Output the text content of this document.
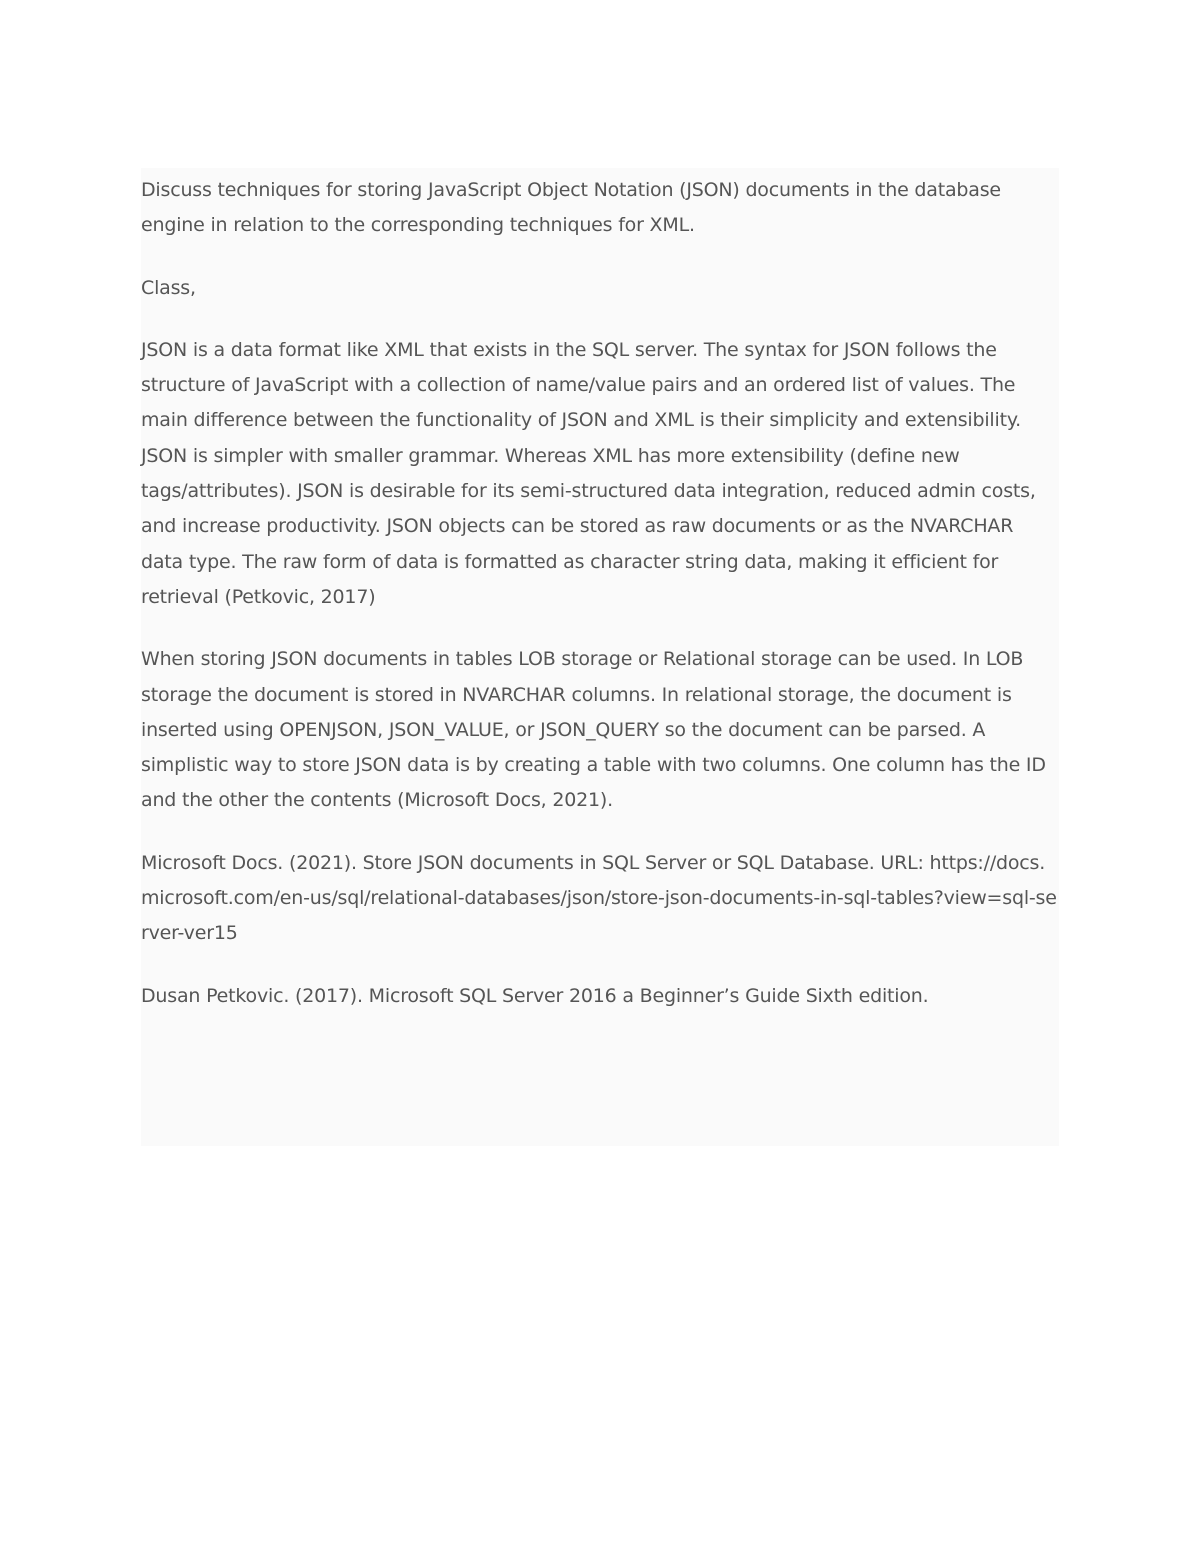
Discuss techniques for storing JavaScript Object Notation (JSON) documents in the database engine in relation to the corresponding techniques for XML.

Class,

JSON is a data format like XML that exists in the SQL server. The syntax for JSON follows the structure of JavaScript with a collection of name/value pairs and an ordered list of values. The main difference between the functionality of JSON and XML is their simplicity and extensibility. JSON is simpler with smaller grammar. Whereas XML has more extensibility (define new tags/attributes). JSON is desirable for its semi-structured data integration, reduced admin costs, and increase productivity. JSON objects can be stored as raw documents or as the NVARCHAR data type. The raw form of data is formatted as character string data, making it efficient for retrieval (Petkovic, 2017)

When storing JSON documents in tables LOB storage or Relational storage can be used. In LOB storage the document is stored in NVARCHAR columns. In relational storage, the document is inserted using OPENJSON, JSON_VALUE, or JSON_QUERY so the document can be parsed. A simplistic way to store JSON data is by creating a table with two columns. One column has the ID and the other the contents (Microsoft Docs, 2021).

Microsoft Docs. (2021). Store JSON documents in SQL Server or SQL Database. URL: https://docs.microsoft.com/en-us/sql/relational-databases/json/store-json-documents-in-sql-tables?view=sql-server-ver15

Dusan Petkovic. (2017). Microsoft SQL Server 2016 a Beginner’s Guide Sixth edition.
